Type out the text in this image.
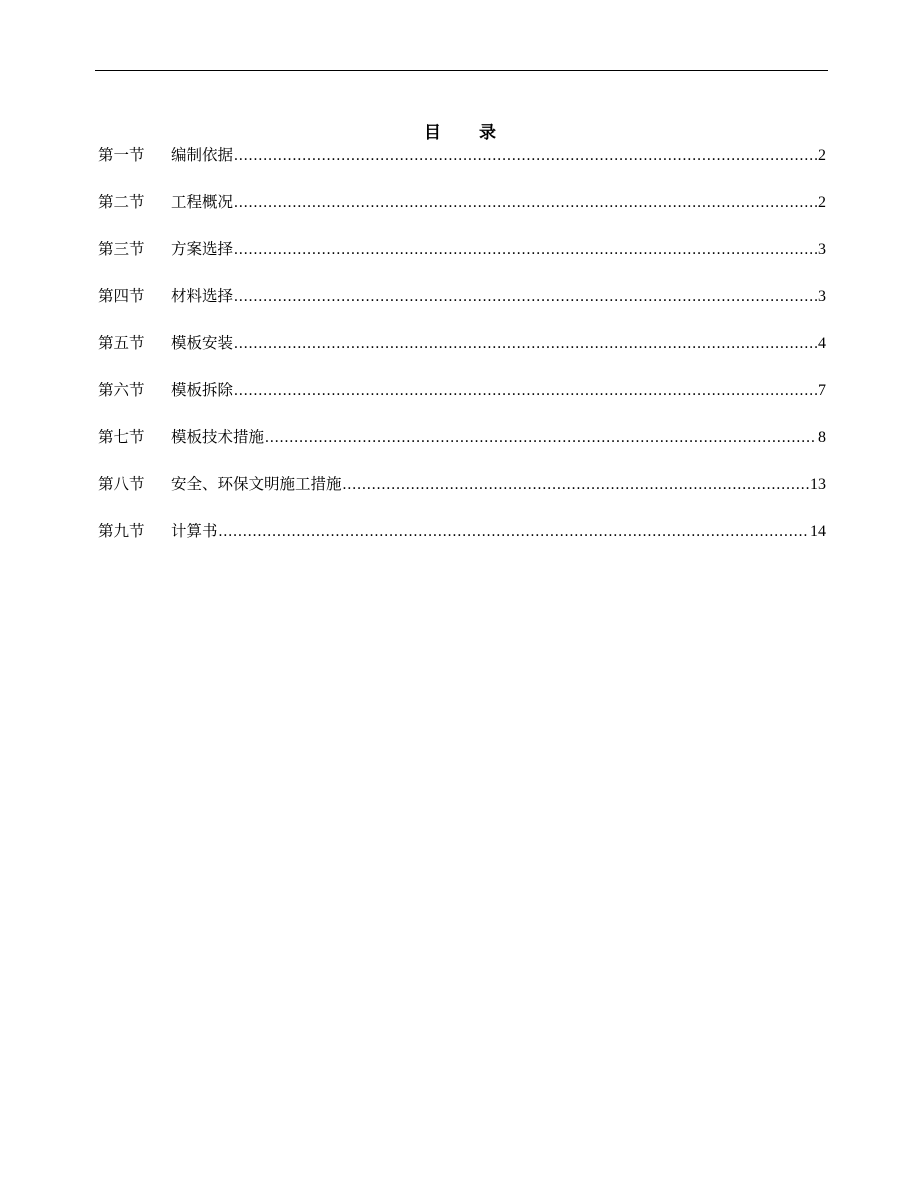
目 录
第一节	编制依据 .....	2
第二节	工程概况 .....	2
第三节	方案选择 .....	3
第四节	材料选择 .....	3
第五节	模板安装 .....	4
第六节	模板拆除 .....	7
第七节	模板技术措施 .....	8
第八节	安全、环保文明施工措施 .....	13
第九节	计算书 .....	14
